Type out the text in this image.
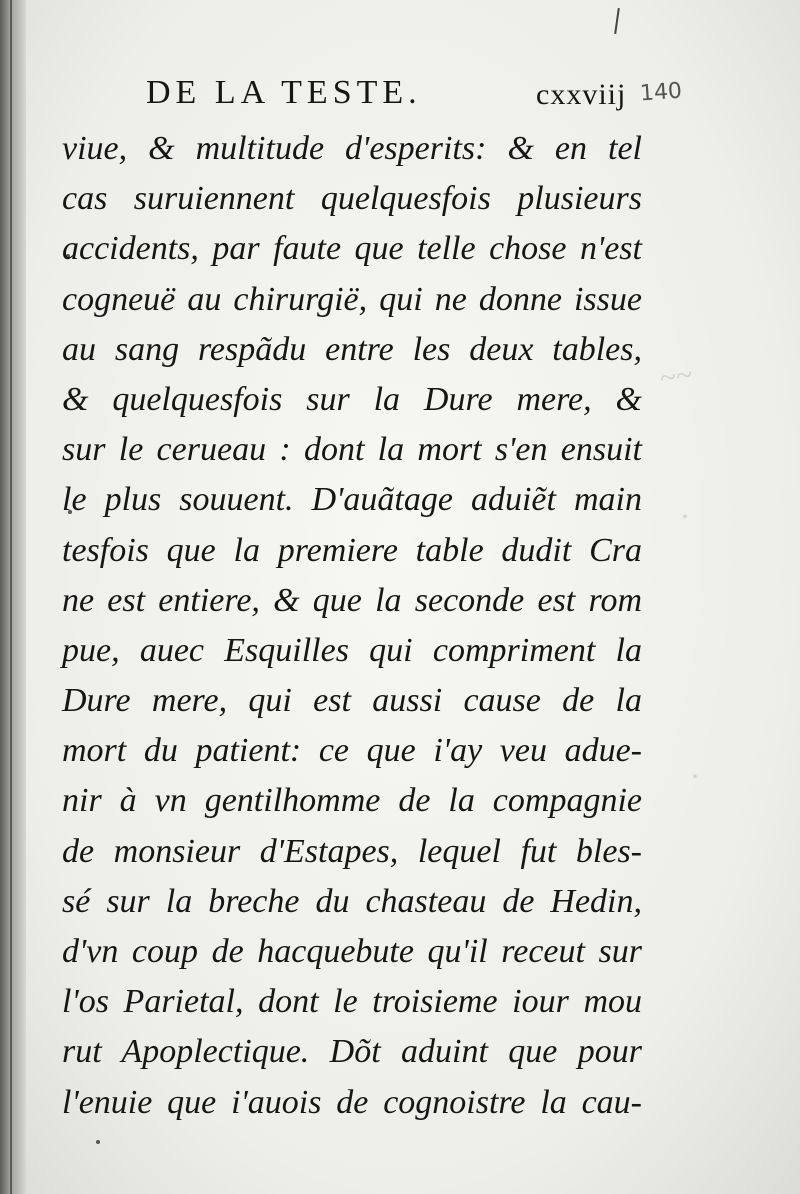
~~
·
·
DE LA TESTE.	cxxviij 140
viue, & multitude d'esperits: & en tel
cas suruiennent quelquesfois plusieurs
accidents, par faute que telle chose n'est
cogneuë au chirurgië, qui ne donne issue
au sang respãdu entre les deux tables,
& quelquesfois sur la Dure mere, &
sur le cerueau : dont la mort s'en ensuit
le plus souuent. D'auãtage aduiẽt main
tesfois que la premiere table dudit Cra
ne est entiere, & que la seconde est rom
pue, auec Esquilles qui compriment la
Dure mere, qui est aussi cause de la
mort du patient: ce que i'ay veu adue-
nir à vn gentilhomme de la compagnie
de monsieur d'Estapes, lequel fut bles-
sé sur la breche du chasteau de Hedin,
d'vn coup de hacquebute qu'il receut sur
l'os Parietal, dont le troisieme iour mou
rut Apoplectique. Dõt aduint que pour
l'enuie que i'auois de cognoistre la cau-
